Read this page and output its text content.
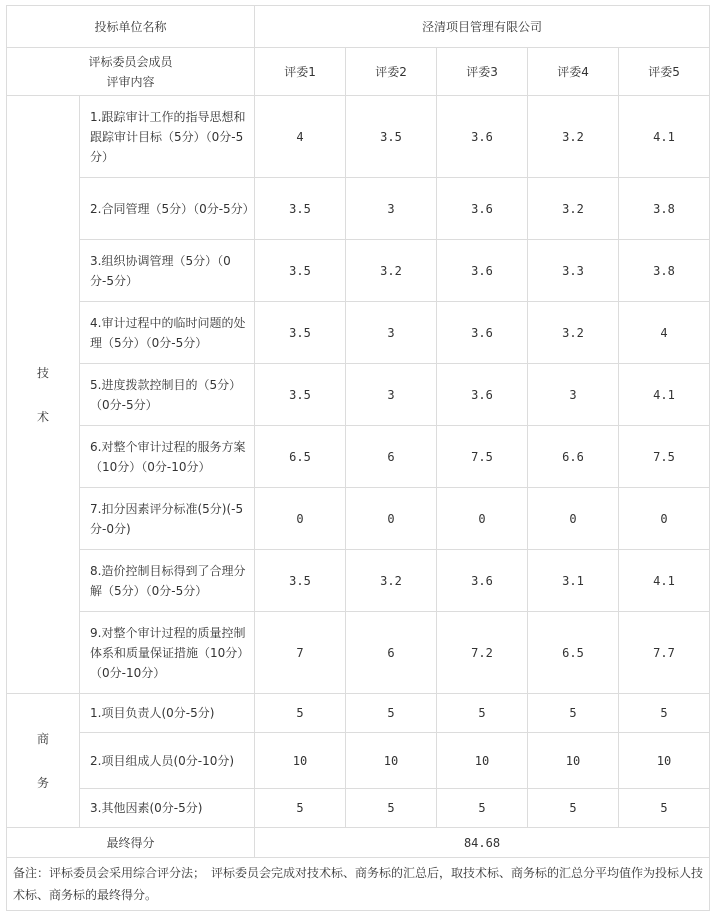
投标单位名称		泾清项目管理有限公司				

评标委员会成员
评审内容		评委1	评委2	评委3	评委4	评委5

技
术	1.跟踪审计工作的指导思想和跟踪审计目标（5分）（0分-5分）	4	3.5	3.6	3.2	4.1
	2.合同管理（5分）（0分-5分）	3.5	3	3.6	3.2	3.8
	3.组织协调管理（5分）（0分-5分）	3.5	3.2	3.6	3.3	3.8
	4.审计过程中的临时问题的处理（5分）（0分-5分）	3.5	3	3.6	3.2	4
	5.进度拨款控制目的（5分）（0分-5分）	3.5	3	3.6	3	4.1
	6.对整个审计过程的服务方案（10分）（0分-10分）	6.5	6	7.5	6.6	7.5
	7.扣分因素评分标准(5分)(-5分-0分)	0	0	0	0	0
	8.造价控制目标得到了合理分解（5分）（0分-5分）	3.5	3.2	3.6	3.1	4.1
	9.对整个审计过程的质量控制体系和质量保证措施（10分）（0分-10分）	7	6	7.2	6.5	7.7

商
务	1.项目负责人(0分-5分)	5	5	5	5	5
	2.项目组成人员(0分-10分)	10	10	10	10	10
	3.其他因素(0分-5分)	5	5	5	5	5
最终得分		84.68				
备注：评标委员会采用综合评分法；　评标委员会完成对技术标、商务标的汇总后，取技术标、商务标的汇总分平均值作为投标人技术标、商务标的最终得分。						
